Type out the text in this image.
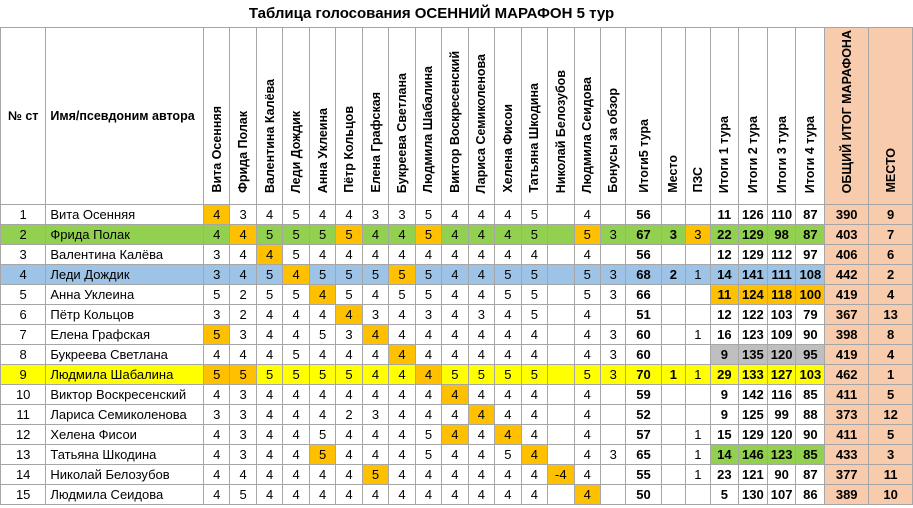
Таблица голосования ОСЕННИЙ МАРАФОН 5 тур
№ ст	Имя/псевдоним автора	Вита Осенняя	Фрида Полак	Валентина Калёва	Леди Дождик	Анна Уклеина	Пётр Кольцов	Елена Графская	Букреева Светлана	Людмила Шабалина	Виктор Воскресенский	Лариса Семиколенова	Хелена Фисои	Татьяна Шкодина	Николай Белозубов	Людмила Сеидова	Бонусы за обзор	Итоги5 тура	Место	ПЗС	Итоги 1 тура	Итоги 2 тура	Итоги 3 тура	Итоги 4 тура	ОБЩИЙ ИТОГ МАРАФОНА	МЕСТО
1	Вита Осенняя	4	3	4	5	4	4	3	3	5	4	4	4	5		4		56			11	126	110	87	390	9
2	Фрида Полак	4	4	5	5	5	5	4	4	5	4	4	4	5		5	3	67	3	3	22	129	98	87	403	7
3	Валентина Калёва	3	4	4	5	4	4	4	4	4	4	4	4	4		4		56			12	129	112	97	406	6
4	Леди Дождик	3	4	5	4	5	5	5	5	5	4	4	5	5		5	3	68	2	1	14	141	111	108	442	2
5	Анна Уклеина	5	2	5	5	4	5	4	5	5	4	4	5	5		5	3	66			11	124	118	100	419	4
6	Пётр Кольцов	3	2	4	4	4	4	3	4	3	4	3	4	5		4		51			12	122	103	79	367	13
7	Елена Графская	5	3	4	4	5	3	4	4	4	4	4	4	4		4	3	60		1	16	123	109	90	398	8
8	Букреева Светлана	4	4	4	5	4	4	4	4	4	4	4	4	4		4	3	60			9	135	120	95	419	4
9	Людмила Шабалина	5	5	5	5	5	5	4	4	4	5	5	5	5		5	3	70	1	1	29	133	127	103	462	1
10	Виктор Воскресенский	4	3	4	4	4	4	4	4	4	4	4	4	4		4		59			9	142	116	85	411	5
11	Лариса Семиколенова	3	3	4	4	4	2	3	4	4	4	4	4	4		4		52			9	125	99	88	373	12
12	Хелена Фисои	4	3	4	4	5	4	4	4	5	4	4	4	4		4		57		1	15	129	120	90	411	5
13	Татьяна Шкодина	4	3	4	4	5	4	4	4	5	4	4	5	4		4	3	65		1	14	146	123	85	433	3
14	Николай Белозубов	4	4	4	4	4	4	5	4	4	4	4	4	4	-4	4		55		1	23	121	90	87	377	11
15	Людмила Сеидова	4	5	4	4	4	4	4	4	4	4	4	4	4		4		50			5	130	107	86	389	10
